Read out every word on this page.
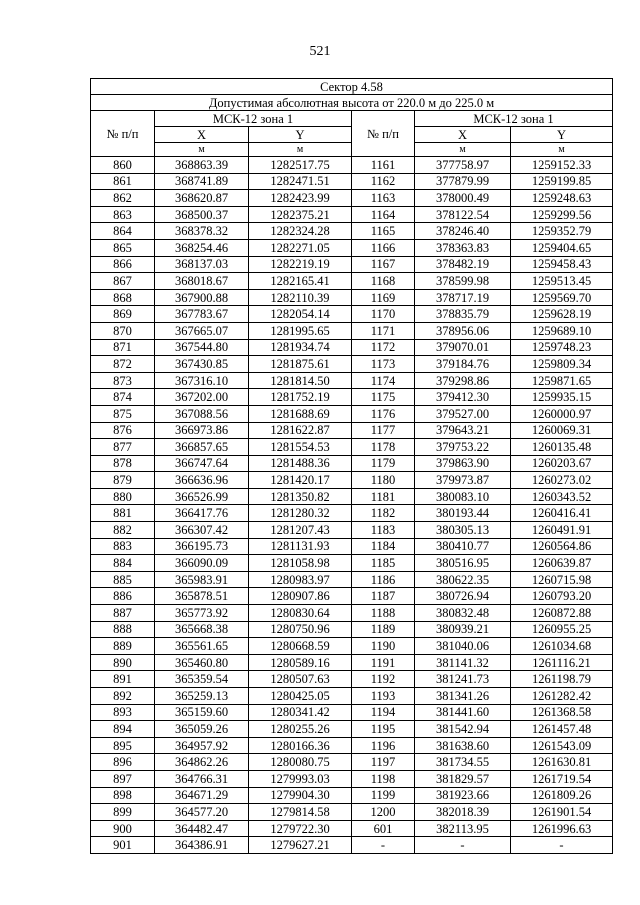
521
Сектор 4.58					
Допустимая абсолютная высота от 220.0 м до 225.0 м					
№ п/п	МСК-12 зона 1		№ п/п	МСК-12 зона 1	
	X	Y		X	Y
	м	м		м	м
860	368863.39	1282517.75	1161	377758.97	1259152.33
861	368741.89	1282471.51	1162	377879.99	1259199.85
862	368620.87	1282423.99	1163	378000.49	1259248.63
863	368500.37	1282375.21	1164	378122.54	1259299.56
864	368378.32	1282324.28	1165	378246.40	1259352.79
865	368254.46	1282271.05	1166	378363.83	1259404.65
866	368137.03	1282219.19	1167	378482.19	1259458.43
867	368018.67	1282165.41	1168	378599.98	1259513.45
868	367900.88	1282110.39	1169	378717.19	1259569.70
869	367783.67	1282054.14	1170	378835.79	1259628.19
870	367665.07	1281995.65	1171	378956.06	1259689.10
871	367544.80	1281934.74	1172	379070.01	1259748.23
872	367430.85	1281875.61	1173	379184.76	1259809.34
873	367316.10	1281814.50	1174	379298.86	1259871.65
874	367202.00	1281752.19	1175	379412.30	1259935.15
875	367088.56	1281688.69	1176	379527.00	1260000.97
876	366973.86	1281622.87	1177	379643.21	1260069.31
877	366857.65	1281554.53	1178	379753.22	1260135.48
878	366747.64	1281488.36	1179	379863.90	1260203.67
879	366636.96	1281420.17	1180	379973.87	1260273.02
880	366526.99	1281350.82	1181	380083.10	1260343.52
881	366417.76	1281280.32	1182	380193.44	1260416.41
882	366307.42	1281207.43	1183	380305.13	1260491.91
883	366195.73	1281131.93	1184	380410.77	1260564.86
884	366090.09	1281058.98	1185	380516.95	1260639.87
885	365983.91	1280983.97	1186	380622.35	1260715.98
886	365878.51	1280907.86	1187	380726.94	1260793.20
887	365773.92	1280830.64	1188	380832.48	1260872.88
888	365668.38	1280750.96	1189	380939.21	1260955.25
889	365561.65	1280668.59	1190	381040.06	1261034.68
890	365460.80	1280589.16	1191	381141.32	1261116.21
891	365359.54	1280507.63	1192	381241.73	1261198.79
892	365259.13	1280425.05	1193	381341.26	1261282.42
893	365159.60	1280341.42	1194	381441.60	1261368.58
894	365059.26	1280255.26	1195	381542.94	1261457.48
895	364957.92	1280166.36	1196	381638.60	1261543.09
896	364862.26	1280080.75	1197	381734.55	1261630.81
897	364766.31	1279993.03	1198	381829.57	1261719.54
898	364671.29	1279904.30	1199	381923.66	1261809.26
899	364577.20	1279814.58	1200	382018.39	1261901.54
900	364482.47	1279722.30	601	382113.95	1261996.63
901	364386.91	1279627.21	-	-	-
